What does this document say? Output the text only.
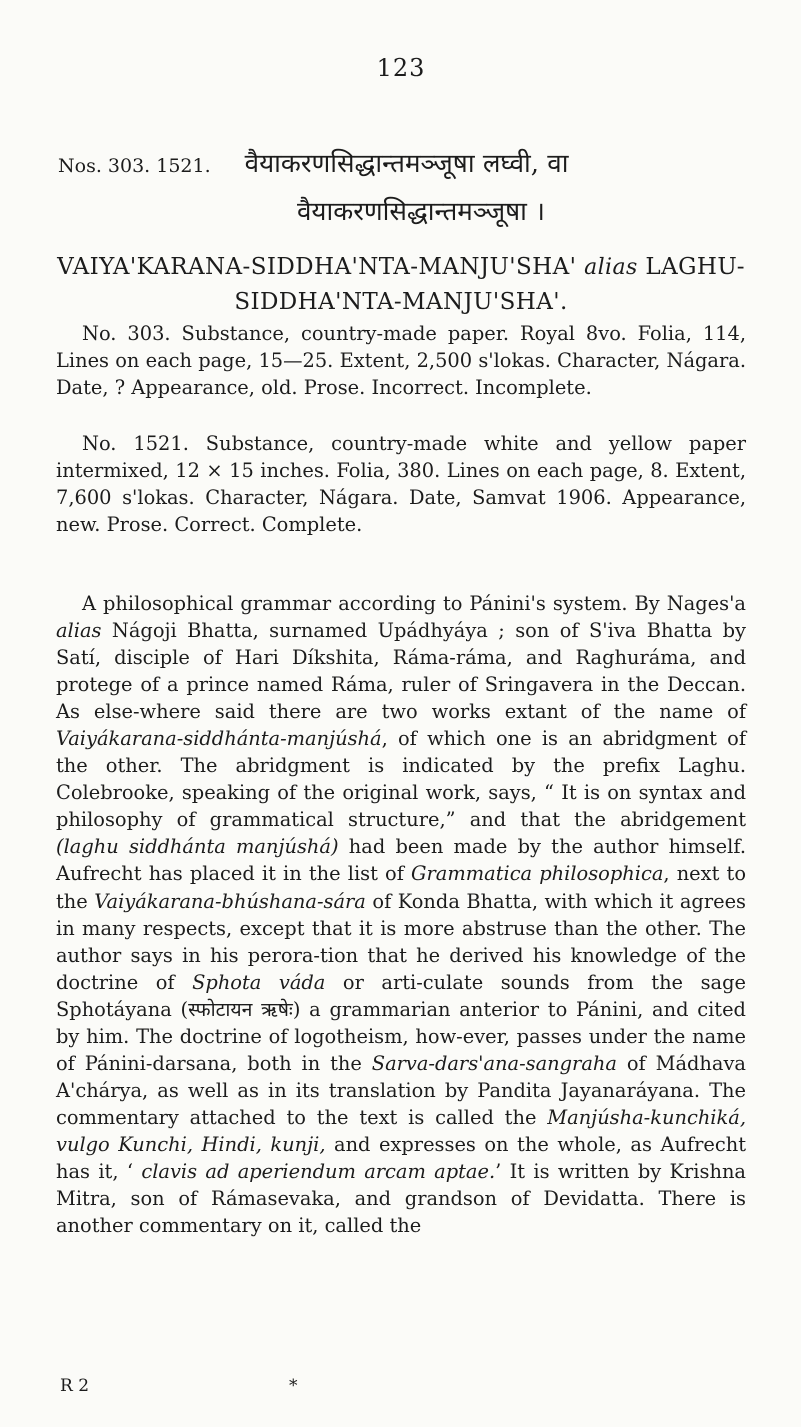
123
Nos. 303. 1521. वैयाकरणसिद्धान्तमञ्जूषा लघ्वी, वा
वैयाकरणसिद्धान्तमञ्जूषा ।
VAIYA'KARANA-SIDDHA'NTA-MANJU'SHA' alias LAGHU-
SIDDHA'NTA-MANJU'SHA'.

No. 303. Substance, country-made paper. Royal 8vo. Folia, 114, Lines on each page, 15—25. Extent, 2,500 s'lokas. Character, Nágara. Date, ? Appearance, old. Prose. Incorrect. Incomplete.

No. 1521. Substance, country-made white and yellow paper intermixed, 12 × 15 inches. Folia, 380. Lines on each page, 8. Extent, 7,600 s'lokas. Character, Nágara. Date, Samvat 1906. Appearance, new. Prose. Correct. Complete.

A philosophical grammar according to Pánini's system. By Nages'a alias Nágoji Bhatta, surnamed Upádhyáya ; son of S'iva Bhatta by Satí, disciple of Hari Díkshita, Ráma-ráma, and Raghuráma, and protege of a prince named Ráma, ruler of Sringavera in the Deccan. As else-where said there are two works extant of the name of Vaiyákarana-siddhánta-manjúshá, of which one is an abridgment of the other. The abridgment is indicated by the prefix Laghu. Colebrooke, speaking of the original work, says, “ It is on syntax and philosophy of grammatical structure,” and that the abridgement (laghu siddhánta manjúshá) had been made by the author himself. Aufrecht has placed it in the list of Grammatica philosophica, next to the Vaiyákarana-bhúshana-sára of Konda Bhatta, with which it agrees in many respects, except that it is more abstruse than the other. The author says in his perora-tion that he derived his knowledge of the doctrine of Sphota váda or arti-culate sounds from the sage Sphotáyana (स्फोटायन ऋषेः) a grammarian anterior to Pánini, and cited by him. The doctrine of logotheism, how-ever, passes under the name of Pánini-darsana, both in the Sarva-dars'ana-sangraha of Mádhava A'chárya, as well as in its translation by Pandita Jayanaráyana. The commentary attached to the text is called the Manjúsha-kunchiká, vulgo Kunchi, Hindi, kunji, and expresses on the whole, as Aufrecht has it, ‘ clavis ad aperiendum arcam aptae.’ It is written by Krishna Mitra, son of Rámasevaka, and grandson of Devidatta. There is another commentary on it, called the

R 2	*
